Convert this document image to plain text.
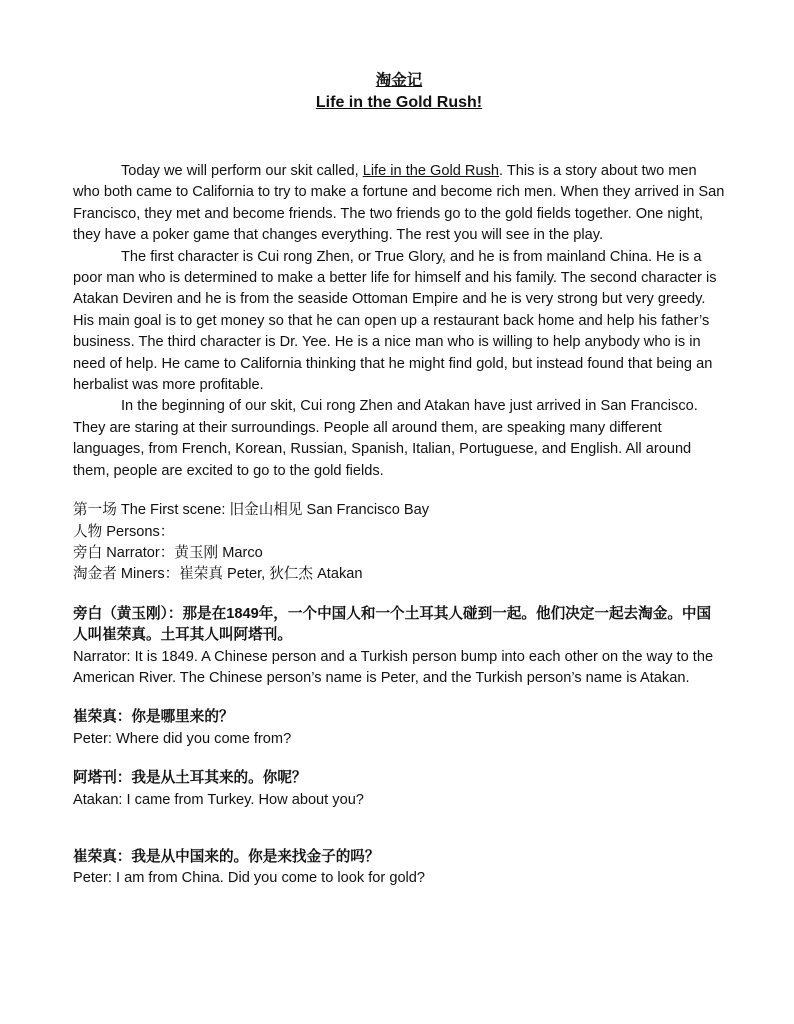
淘金记

Life in the Gold Rush!

Today we will perform our skit called, Life in the Gold Rush. This is a story about two men who both came to California to try to make a fortune and become rich men. When they arrived in San Francisco, they met and become friends. The two friends go to the gold fields together. One night, they have a poker game that changes everything. The rest you will see in the play.

The first character is Cui rong Zhen, or True Glory, and he is from mainland China. He is a poor man who is determined to make a better life for himself and his family. The second character is Atakan Deviren and he is from the seaside Ottoman Empire and he is very strong but very greedy. His main goal is to get money so that he can open up a restaurant back home and help his father’s business. The third character is Dr. Yee. He is a nice man who is willing to help anybody who is in need of help. He came to California thinking that he might find gold, but instead found that being an herbalist was more profitable.

In the beginning of our skit, Cui rong Zhen and Atakan have just arrived in San Francisco. They are staring at their surroundings. People all around them, are speaking many different languages, from French, Korean, Russian, Spanish, Italian, Portuguese, and English. All around them, people are excited to go to the gold fields.

第一场 The First scene: 旧金山相见 San Francisco Bay

人物 Persons：

旁白 Narrator：黄玉刚 Marco

淘金者 Miners：崔荣真 Peter, 狄仁杰 Atakan

旁白（黄玉刚）：那是在1849年，一个中国人和一个土耳其人碰到一起。他们决定一起去淘金。中国人叫崔荣真。土耳其人叫阿塔刊。

Narrator: It is 1849. A Chinese person and a Turkish person bump into each other on the way to the American River. The Chinese person’s name is Peter, and the Turkish person’s name is Atakan.

崔荣真：你是哪里来的？

Peter: Where did you come from?

阿塔刊：我是从土耳其来的。你呢？

Atakan: I came from Turkey. How about you?

崔荣真：我是从中国来的。你是来找金子的吗？

Peter: I am from China. Did you come to look for gold?
